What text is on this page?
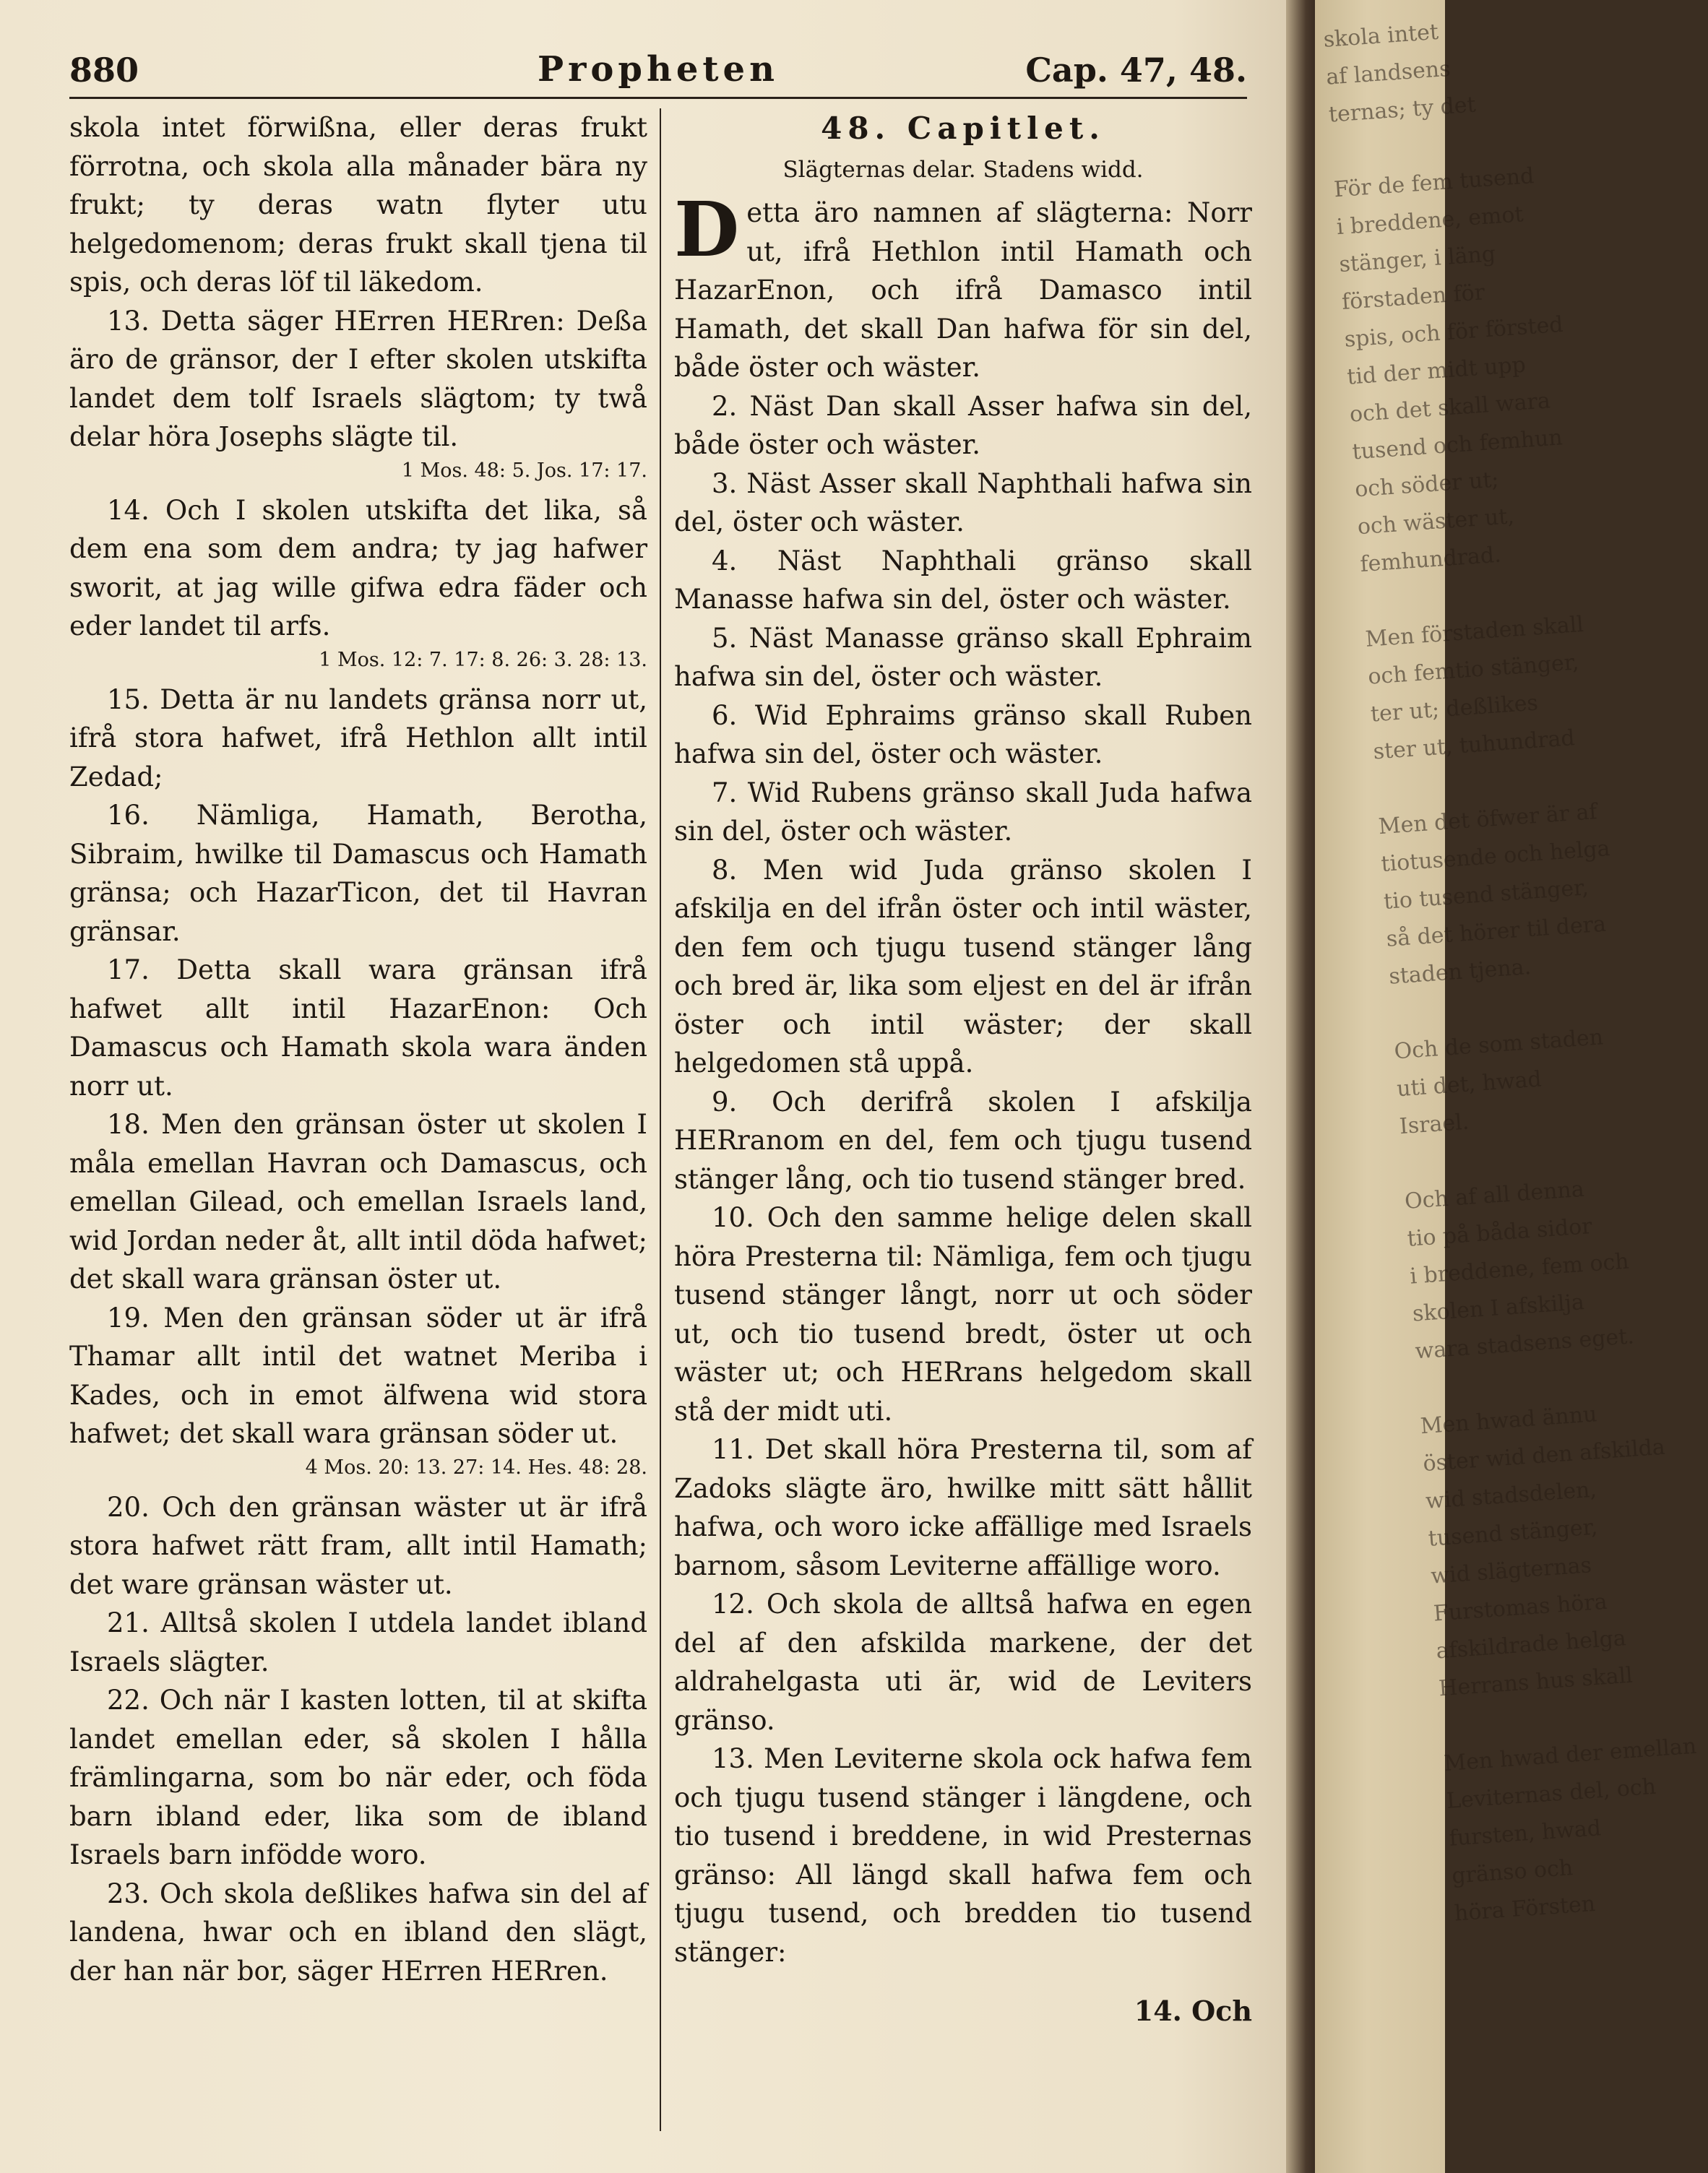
880	Propheten	Cap. 47, 48.

skola intet förwißna, eller deras frukt förrotna, och skola alla månader bära ny frukt; ty deras watn flyter utu helgedomenom; deras frukt skall tjena til spis, och deras löf til läkedom.

13. Detta säger HErren HERren: Deßa äro de gränsor, der I efter skolen utskifta landet dem tolf Israels slägtom; ty twå delar höra Josephs slägte til.

1 Mos. 48: 5. Jos. 17: 17.

14. Och I skolen utskifta det lika, så dem ena som dem andra; ty jag hafwer sworit, at jag wille gifwa edra fäder och eder landet til arfs.

1 Mos. 12: 7. 17: 8. 26: 3. 28: 13.

15. Detta är nu landets gränsa norr ut, ifrå stora hafwet, ifrå Hethlon allt intil Zedad;

16. Nämliga, Hamath, Berotha, Sibraim, hwilke til Damascus och Hamath gränsa; och HazarTicon, det til Havran gränsar.

17. Detta skall wara gränsan ifrå hafwet allt intil HazarEnon: Och Damascus och Hamath skola wara änden norr ut.

18. Men den gränsan öster ut skolen I måla emellan Havran och Damascus, och emellan Gilead, och emellan Israels land, wid Jordan neder åt, allt intil döda hafwet; det skall wara gränsan öster ut.

19. Men den gränsan söder ut är ifrå Thamar allt intil det watnet Meriba i Kades, och in emot älfwena wid stora hafwet; det skall wara gränsan söder ut.

4 Mos. 20: 13. 27: 14. Hes. 48: 28.

20. Och den gränsan wäster ut är ifrå stora hafwet rätt fram, allt intil Hamath; det ware gränsan wäster ut.

21. Alltså skolen I utdela landet ibland Israels slägter.

22. Och när I kasten lotten, til at skifta landet emellan eder, så skolen I hålla främlingarna, som bo när eder, och föda barn ibland eder, lika som de ibland Israels barn infödde woro.

23. Och skola deßlikes hafwa sin del af landena, hwar och en ibland den slägt, der han när bor, säger HErren HERren.

48. Capitlet.
Slägternas delar. Stadens widd.

D etta äro namnen af slägterna: Norr ut, ifrå Hethlon intil Hamath och HazarEnon, och ifrå Damasco intil Hamath, det skall Dan hafwa för sin del, både öster och wäster.

2. Näst Dan skall Asser hafwa sin del, både öster och wäster.

3. Näst Asser skall Naphthali hafwa sin del, öster och wäster.

4. Näst Naphthali gränso skall Manasse hafwa sin del, öster och wäster.

5. Näst Manasse gränso skall Ephraim hafwa sin del, öster och wäster.

6. Wid Ephraims gränso skall Ruben hafwa sin del, öster och wäster.

7. Wid Rubens gränso skall Juda hafwa sin del, öster och wäster.

8. Men wid Juda gränso skolen I afskilja en del ifrån öster och intil wäster, den fem och tjugu tusend stänger lång och bred är, lika som eljest en del är ifrån öster och intil wäster; der skall helgedomen stå uppå.

9. Och derifrå skolen I afskilja HERranom en del, fem och tjugu tusend stänger lång, och tio tusend stänger bred.

10. Och den samme helige delen skall höra Presterna til: Nämliga, fem och tjugu tusend stänger långt, norr ut och söder ut, och tio tusend bredt, öster ut och wäster ut; och HERrans helgedom skall stå der midt uti.

11. Det skall höra Presterna til, som af Zadoks slägte äro, hwilke mitt sätt hållit hafwa, och woro icke affällige med Israels barnom, såsom Leviterne affällige woro.

12. Och skola de alltså hafwa en egen del af den afskilda markene, der det aldrahelgasta uti är, wid de Leviters gränso.

13. Men Leviterne skola ock hafwa fem och tjugu tusend stänger i längdene, och tio tusend i breddene, in wid Presternas gränso: All längd skall hafwa fem och tjugu tusend, och bredden tio tusend stänger:

14. Och
skola intet
af landsens
ternas; ty det

För de fem tusend
i breddene, emot
stänger, i läng
förstaden för
spis, och för försted
tid der midt upp
och det skall wara
tusend och femhun
och söder ut;
och wäster ut,
femhundrad.

Men förstaden skall
och femtio stänger,
ter ut; deßlikes
ster ut, tuhundrad

Men det öfwer är af
tiotusende och helga
tio tusend stänger,
så det hörer til dera
staden tjena.

Och de som staden
uti det, hwad
Israel.

Och af all denna
tio på båda sidor
i breddene, fem och
skolen I afskilja
wara stadsens eget.

Men hwad ännu
öster wid den afskilda
wid stadsdelen,
tusend stänger,
wid slägternas
Furstomas höra
afskildrade helga
Herrans hus skall

Men hwad der emellan
Leviternas del, och
fursten, hwad
gränso och
höra Försten
